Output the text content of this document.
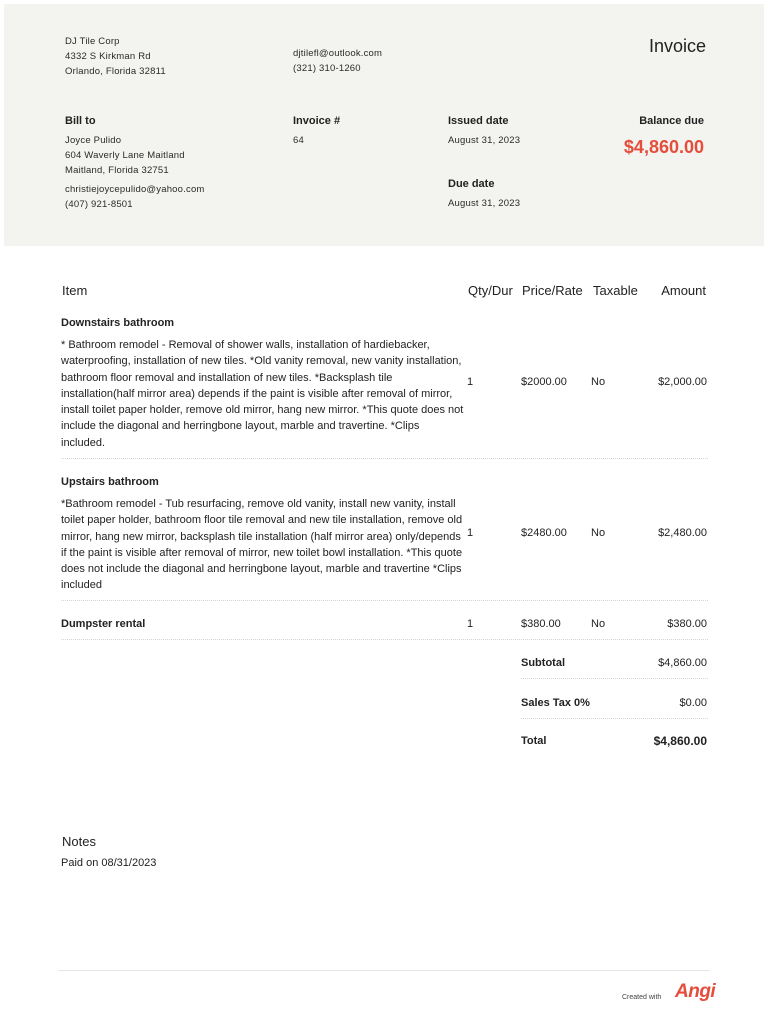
DJ Tile Corp
4332 S Kirkman Rd
Orlando, Florida 32811
djtilefl@outlook.com
(321) 310-1260
Invoice
Bill to
Joyce Pulido
604 Waverly Lane Maitland
Maitland, Florida 32751
christiejoycepulido@yahoo.com
(407) 921-8501
Invoice #
64
Issued date
August 31, 2023
Due date
August 31, 2023
Balance due
$4,860.00
Item	Qty/Dur Price/Rate Taxable Amount
Downstairs bathroom
* Bathroom remodel - Removal of shower walls, installation of hardiebacker, waterproofing, installation of new tiles. *Old vanity removal, new vanity installation, bathroom floor removal and installation of new tiles. *Backsplash tile installation(half mirror area) depends if the paint is visible after removal of mirror, install toilet paper holder, remove old mirror, hang new mirror. *This quote does not include the diagonal and herringbone layout, marble and travertine. *Clips included.
1	$2000.00 No	$2,000.00
Upstairs bathroom
*Bathroom remodel - Tub resurfacing, remove old vanity, install new vanity, install toilet paper holder, bathroom floor tile removal and new tile installation, remove old mirror, hang new mirror, backsplash tile installation (half mirror area) only/depends if the paint is visible after removal of mirror, new toilet bowl installation. *This quote does not include the diagonal and herringbone layout, marble and travertine *Clips included
1	$2480.00 No	$2,480.00
Dumpster rental	1	$380.00	No	$380.00
Subtotal	$4,860.00
Sales Tax 0%	$0.00
Total	$4,860.00
Notes
Paid on 08/31/2023
Created with Angi
